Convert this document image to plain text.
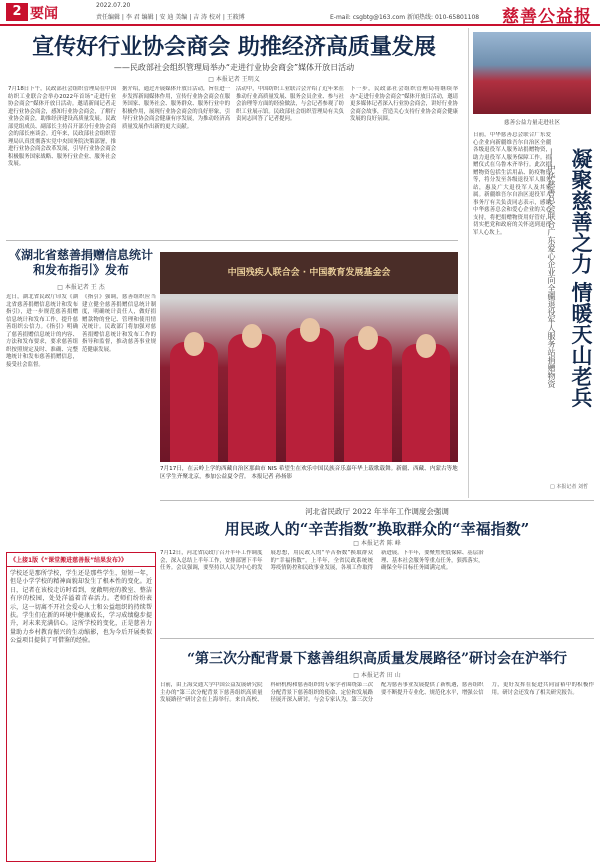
2 要闻
2022.07.20
责任编辑 | 李 君 编辑 | 安 迪 美编 | 吉 涛 校对 | 王筱博	E-mail: csgbtg@163.com 新闻热线: 010-65801108 慈善公益报
宣传好行业协会商会 助推经济高质量发展
——民政部社会组织管理局举办“走进行业协会商会”媒体开放日活动
□ 本报记者 王明义
7月18日下午，民政部社会组织管理局在中国纺织工业联合会举办2022年首场“走进行业协会商会”媒体开放日活动。邀请新闻记者走进行业协会商会，感知行业协会商会，了解行业协会商会，助推经济建设高质量发展。民政部党组成员、副部长主持召开部分行业协会商会的部长座谈会。近年来，民政部社会组织管理局认真贯彻落实党中央国务院决策部署，推进行业协会商会改革发展，引导行业协会商会积极服务国家战略、服务行业企业、服务社会发展。
据介绍，通过开展媒体开放日活动，旨在进一步发挥新闻媒体作用，宣传行业协会商会在服务国家、服务社会、服务群众、服务行业中的积极作用，展现行业协会商会的良好形象，引导行业协会商会健康有序发展，为推动经济高质量发展作出新的更大贡献。
活动中，中国纺织工业联合会介绍了近年来在推动行业高质量发展、服务会员企业、参与社会治理等方面的经验做法，与会记者参观了纺织工业展示馆。民政部社会组织管理局有关负责同志回答了记者提问。
下一步，民政部社会组织管理局将继续举办“走进行业协会商会”媒体开放日活动，邀请更多媒体记者深入行业协会商会，讲好行业协会商会故事，营造关心支持行业协会商会健康发展的良好氛围。
《湖北省慈善捐赠信息统计和发布指引》发布
□ 本报记者 王 杰
近日，湖北省民政厅印发《湖北省慈善捐赠信息统计和发布指引》，进一步规范慈善捐赠信息统计和发布工作，提升慈善组织公信力。《指引》明确了慈善捐赠信息统计的内容、方法和发布要求，要求慈善组织按照规定及时、准确、完整地统计和发布慈善捐赠信息，接受社会监督。
《指引》强调，慈善组织应当建立健全慈善捐赠信息统计制度，明确统计责任人，做好捐赠款物的登记、管理和使用情况统计。民政部门将加强对慈善捐赠信息统计和发布工作的指导和监督，推动慈善事业规范健康发展。
中国残疾人联合会 · 中国教育发展基金会
7月17日，在云岭上学的西藏自治区那曲市 NIS 希望生在欢乐中国民族音乐嘉年华上载歌载舞。新疆、西藏、内蒙古等地区学生齐聚北京，参加公益夏令营。 本报记者 孙扬影
慈善公益力量走进社区
日前，中华慈善总会联合广东爱心企业向新疆维吾尔自治区全疆各级退役军人服务站捐赠物资，助力退役军人服务保障工作。捐赠仪式在乌鲁木齐举行。此次捐赠物资包括生活用品、防疫物资等，将分发至各级退役军人服务站，惠及广大退役军人及其家属。新疆维吾尔自治区退役军人事务厅有关负责同志表示，感谢中华慈善总会和爱心企业的关心支持，将把捐赠物资用好管好，切实把党和政府的关怀送到退役军人心坎上。	——中华慈善总会联合广东爱心企业向全疆退役军人服务站捐赠物资 凝聚慈善之力 情暖天山老兵
□ 本报记者 刘哲
河北省民政厅 2022 年半年工作调度会强调
用民政人的“辛苦指数”换取群众的“幸福指数”
□ 本报记者 陈 峰
7月12日，河北省民政厅召开半年工作调度会，深入总结上半年工作，安排部署下半年任务。会议强调，要坚持以人民为中心的发展思想，用民政人的“辛苦指数”换取群众的“幸福指数”。上半年，全省民政系统统筹疫情防控和民政事业发展，各项工作取得新进展。下半年，要聚焦兜底保障、基层治理、基本社会服务等重点任务，狠抓落实，确保全年目标任务圆满完成。
《上接1版《“课堂搬进慈善报”结果发布》》
学校还是那所学校，学生还是那些学生，短短一年，但是小学学校的精神面貌却发生了根本性的变化。近日，记者在该校走访时看到，宽敞明亮的教室、整洁有序的校园，处处洋溢着青春活力。老师们纷纷表示，这一切离不开社会爱心人士和公益组织的持续帮扶。学生们在新的环境中健康成长，学习成绩稳步提升，对未来充满信心。这所学校的变化，正是慈善力量助力乡村教育振兴的生动缩影，也为今后开展类似公益项目提供了可借鉴的经验。
“第三次分配背景下慈善组织高质量发展路径”研讨会在沪举行
□ 本报记者 田 山
日前，由上海交通大学中国公益发展研究院主办的“第三次分配背景下慈善组织高质量发展路径”研讨会在上海举行。来自高校、科研机构和慈善组织的专家学者围绕第三次分配背景下慈善组织的使命、定位和发展路径展开深入研讨。与会专家认为，第三次分配为慈善事业发展提供了新机遇，慈善组织要不断提升专业化、规范化水平，增强公信力，更好发挥在促进共同富裕中的积极作用。研讨会还发布了相关研究报告。
